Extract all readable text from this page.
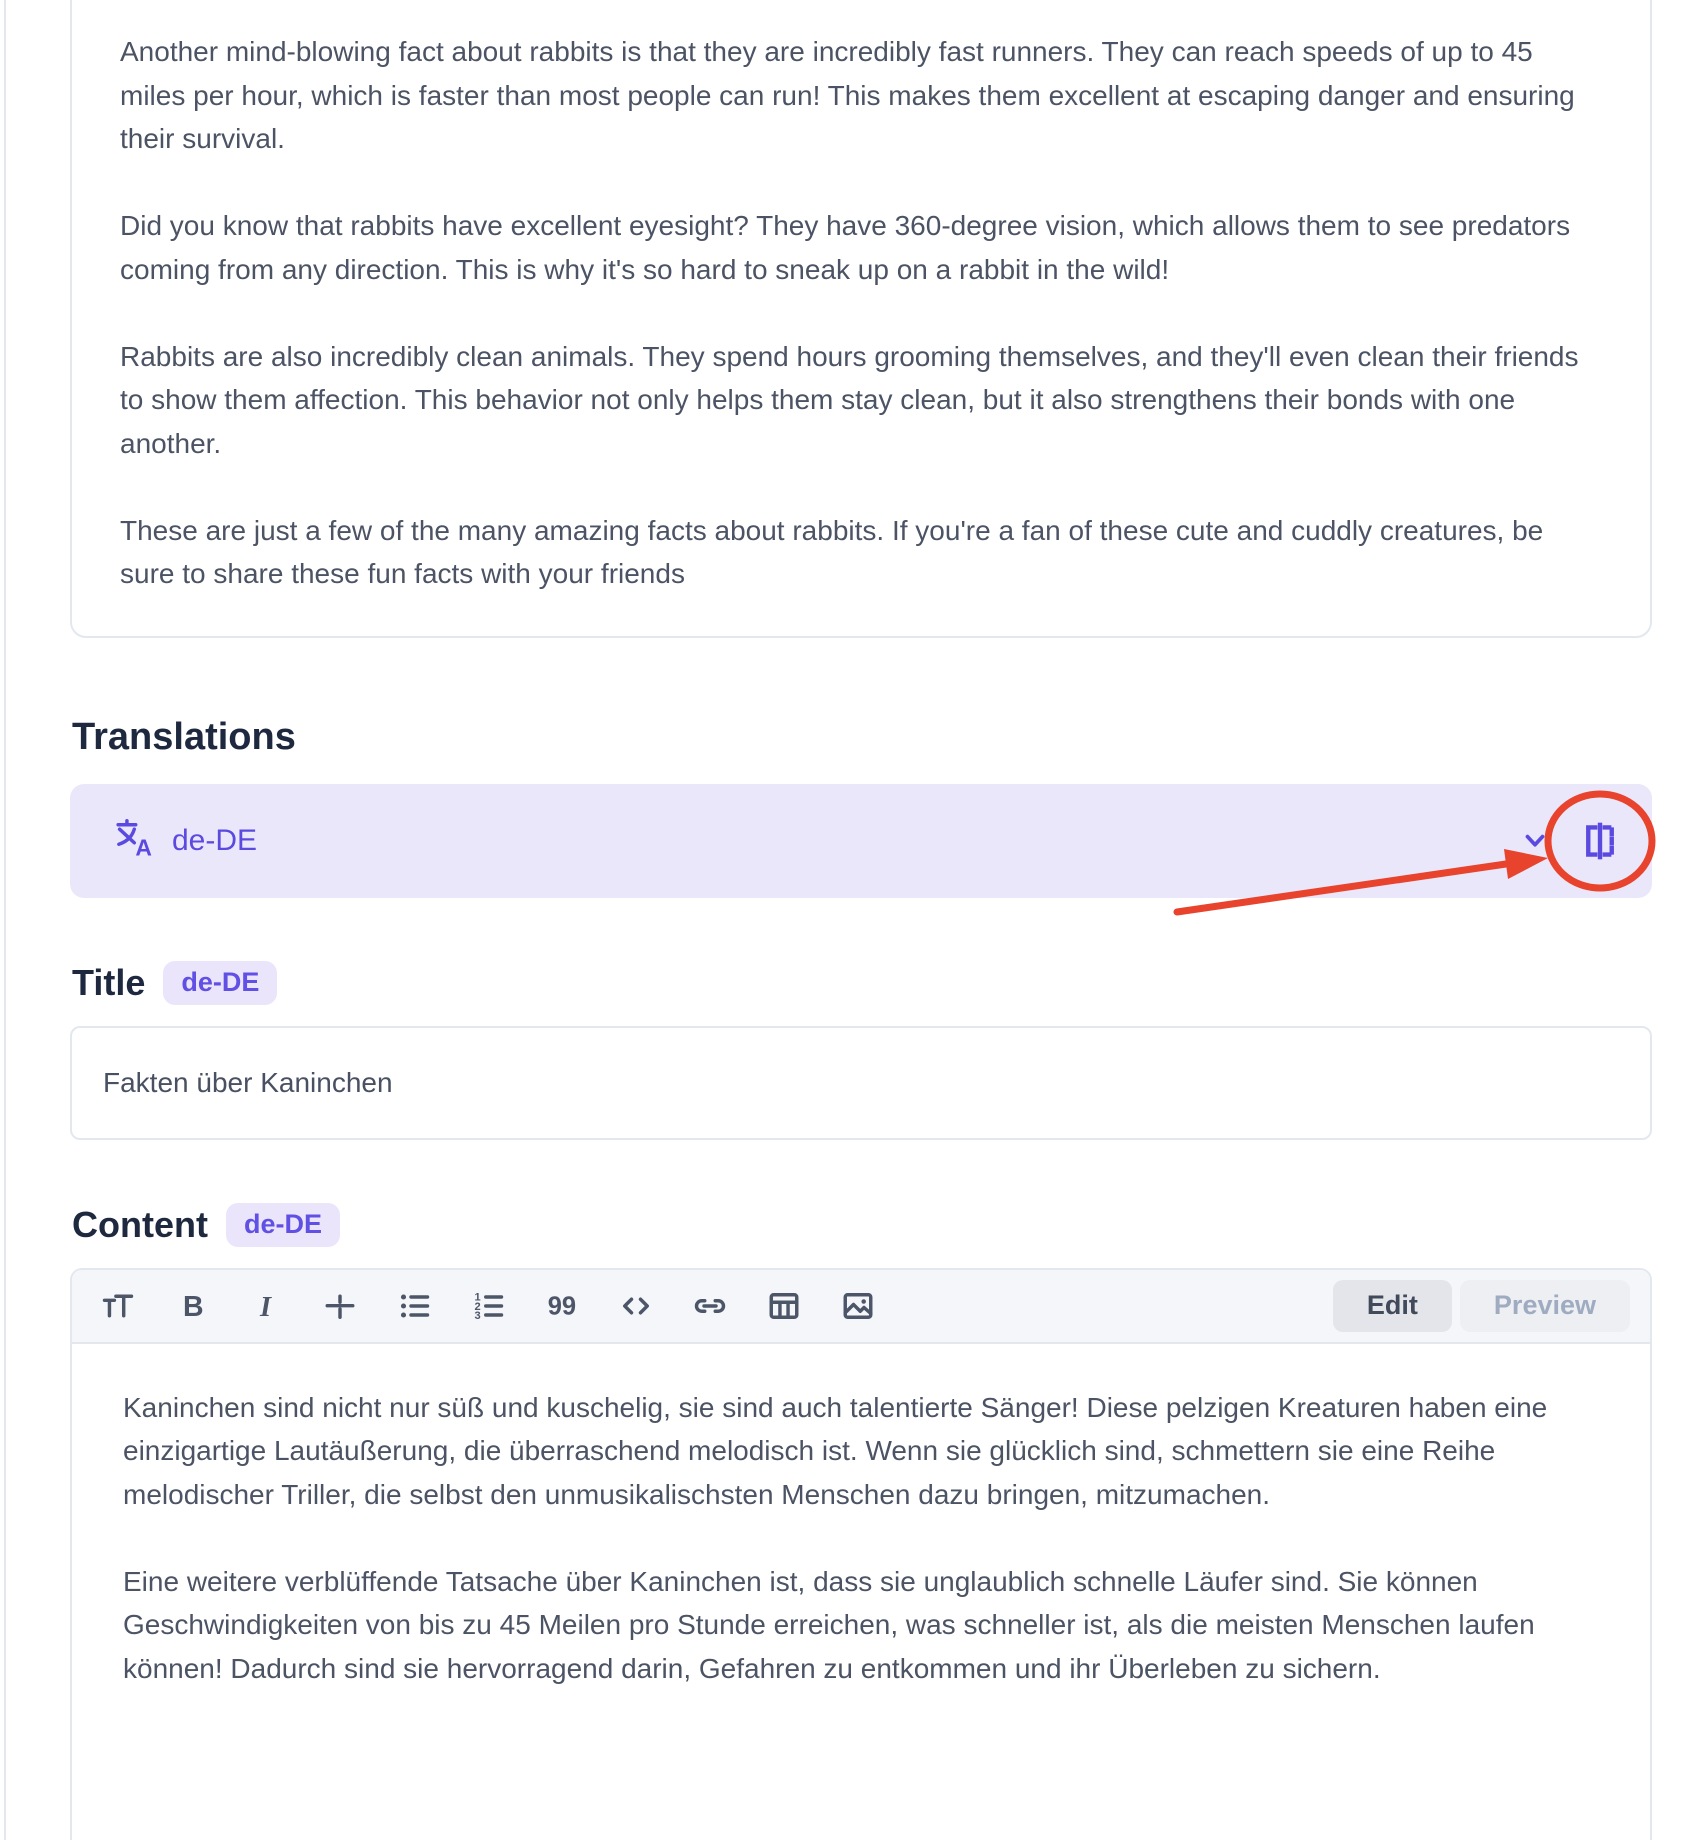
Another mind-blowing fact about rabbits is that they are incredibly fast runners. They can reach speeds of up to 45 miles per hour, which is faster than most people can run! This makes them excellent at escaping danger and ensuring their survival.

Did you know that rabbits have excellent eyesight? They have 360-degree vision, which allows them to see predators coming from any direction. This is why it's so hard to sneak up on a rabbit in the wild!

Rabbits are also incredibly clean animals. They spend hours grooming themselves, and they'll even clean their friends to show them affection. This behavior not only helps them stay clean, but it also strengthens their bonds with one another.

These are just a few of the many amazing facts about rabbits. If you're a fan of these cute and cuddly creatures, be sure to share these fun facts with your friends

Translations
A de-DE
Title	de-DE
Fakten über Kaninchen
Content	de-DE
B	I	1
2
3	99	Edit	Preview

Kaninchen sind nicht nur süß und kuschelig, sie sind auch talentierte Sänger! Diese pelzigen Kreaturen haben eine einzigartige Lautäußerung, die überraschend melodisch ist. Wenn sie glücklich sind, schmettern sie eine Reihe melodischer Triller, die selbst den unmusikalischsten Menschen dazu bringen, mitzumachen.

Eine weitere verblüffende Tatsache über Kaninchen ist, dass sie unglaublich schnelle Läufer sind. Sie können Geschwindigkeiten von bis zu 45 Meilen pro Stunde erreichen, was schneller ist, als die meisten Menschen laufen können! Dadurch sind sie hervorragend darin, Gefahren zu entkommen und ihr Überleben zu sichern.
